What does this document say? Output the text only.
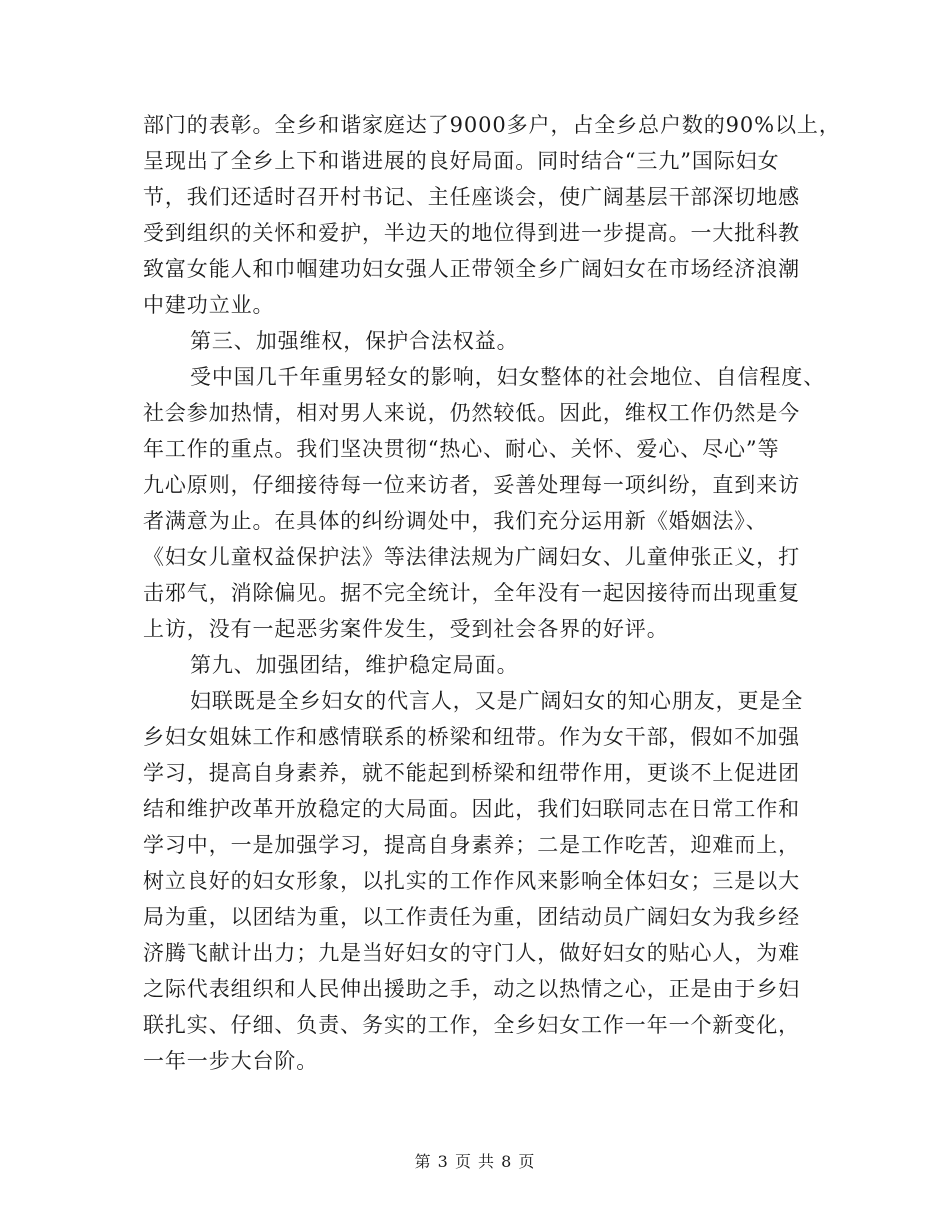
部门的表彰。全乡和谐家庭达了9000多户，占全乡总户数的90%以上，
呈现出了全乡上下和谐进展的良好局面。同时结合“三九”国际妇女
节，我们还适时召开村书记、主任座谈会，使广阔基层干部深切地感
受到组织的关怀和爱护，半边天的地位得到进一步提高。一大批科教
致富女能人和巾帼建功妇女强人正带领全乡广阔妇女在市场经济浪潮
中建功立业。
第三、加强维权，保护合法权益。
受中国几千年重男轻女的影响，妇女整体的社会地位、自信程度、
社会参加热情，相对男人来说，仍然较低。因此，维权工作仍然是今
年工作的重点。我们坚决贯彻“热心、耐心、关怀、爱心、尽心”等
九心原则，仔细接待每一位来访者，妥善处理每一项纠纷，直到来访
者满意为止。在具体的纠纷调处中，我们充分运用新《婚姻法》、
《妇女儿童权益保护法》等法律法规为广阔妇女、儿童伸张正义，打
击邪气，消除偏见。据不完全统计，全年没有一起因接待而出现重复
上访，没有一起恶劣案件发生，受到社会各界的好评。
第九、加强团结，维护稳定局面。
妇联既是全乡妇女的代言人，又是广阔妇女的知心朋友，更是全
乡妇女姐妹工作和感情联系的桥梁和纽带。作为女干部，假如不加强
学习，提高自身素养，就不能起到桥梁和纽带作用，更谈不上促进团
结和维护改革开放稳定的大局面。因此，我们妇联同志在日常工作和
学习中，一是加强学习，提高自身素养；二是工作吃苦，迎难而上，
树立良好的妇女形象，以扎实的工作作风来影响全体妇女；三是以大
局为重，以团结为重，以工作责任为重，团结动员广阔妇女为我乡经
济腾飞献计出力；九是当好妇女的守门人，做好妇女的贴心人，为难
之际代表组织和人民伸出援助之手，动之以热情之心，正是由于乡妇
联扎实、仔细、负责、务实的工作，全乡妇女工作一年一个新变化，
一年一步大台阶。
第 3 页 共 8 页
